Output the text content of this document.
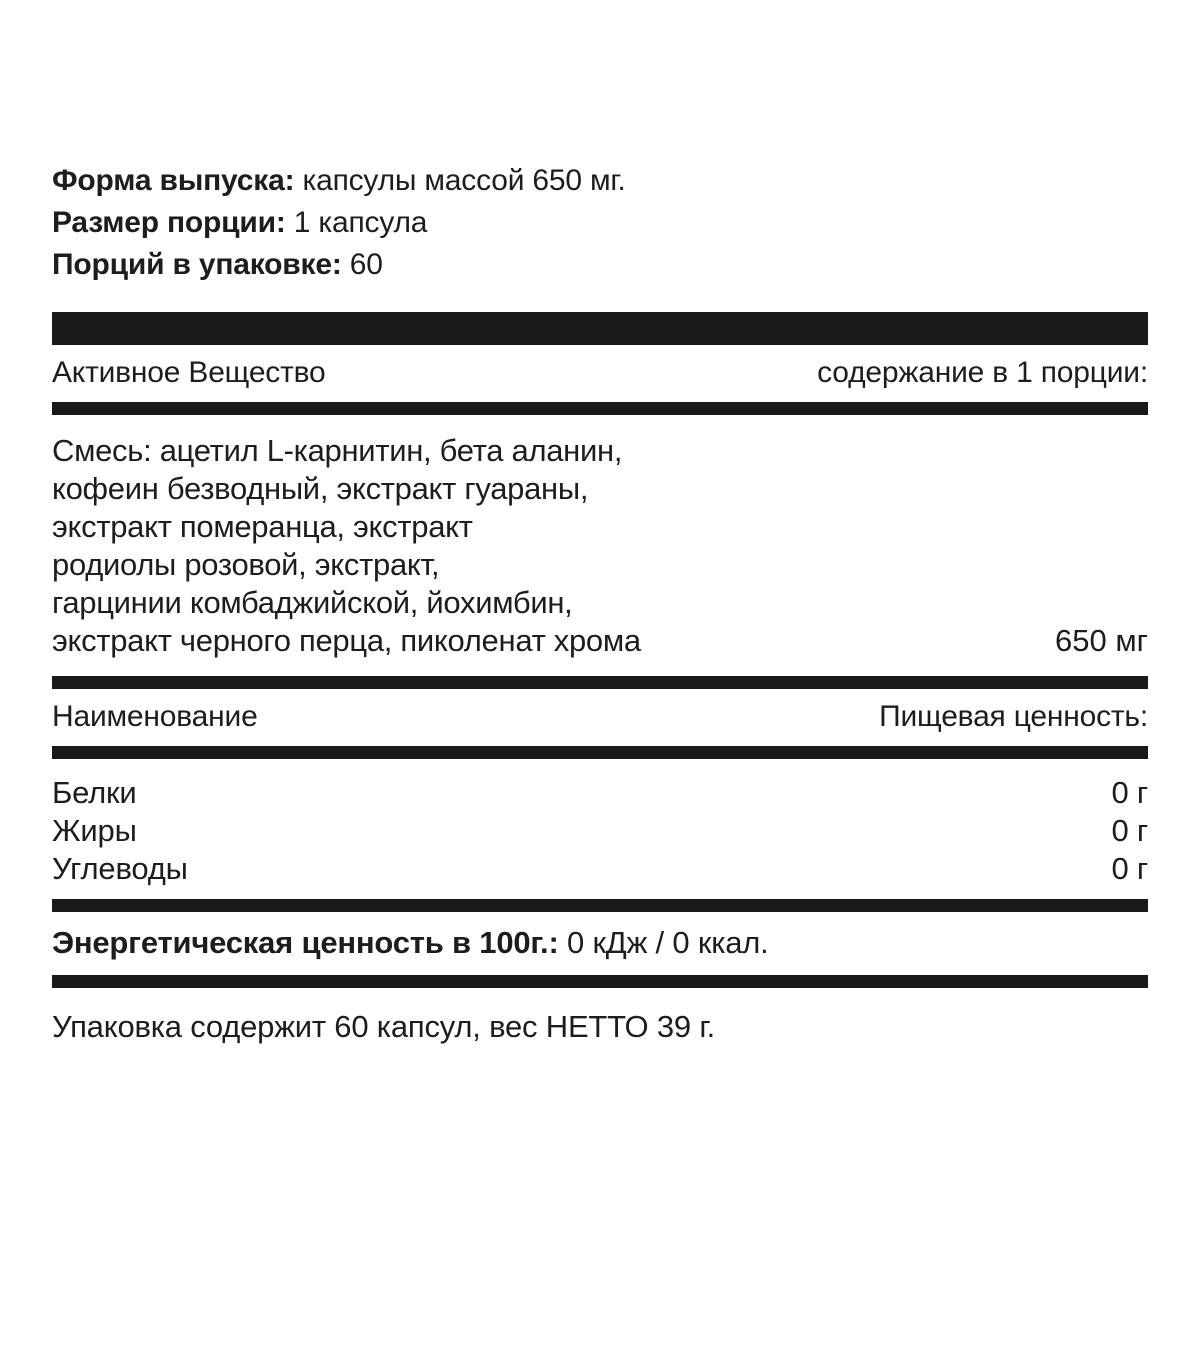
Форма выпуска: капсулы массой 650 мг.
Размер порции: 1 капсула
Порций в упаковке: 60
Активное Вещество	содержание в 1 порции:
Смесь: ацетил L-карнитин, бета аланин,
кофеин безводный, экстракт гуараны,
экстракт померанца, экстракт
родиолы розовой, экстракт,
гарцинии комбаджийской, йохимбин,
экстракт черного перца, пиколенат хрома	650 мг
Наименование	Пищевая ценность:
Белки	0 г
Жиры	0 г
Углеводы	0 г
Энергетическая ценность в 100г.: 0 кДж / 0 ккал.
Упаковка содержит 60 капсул, вес НЕТТО 39 г.
